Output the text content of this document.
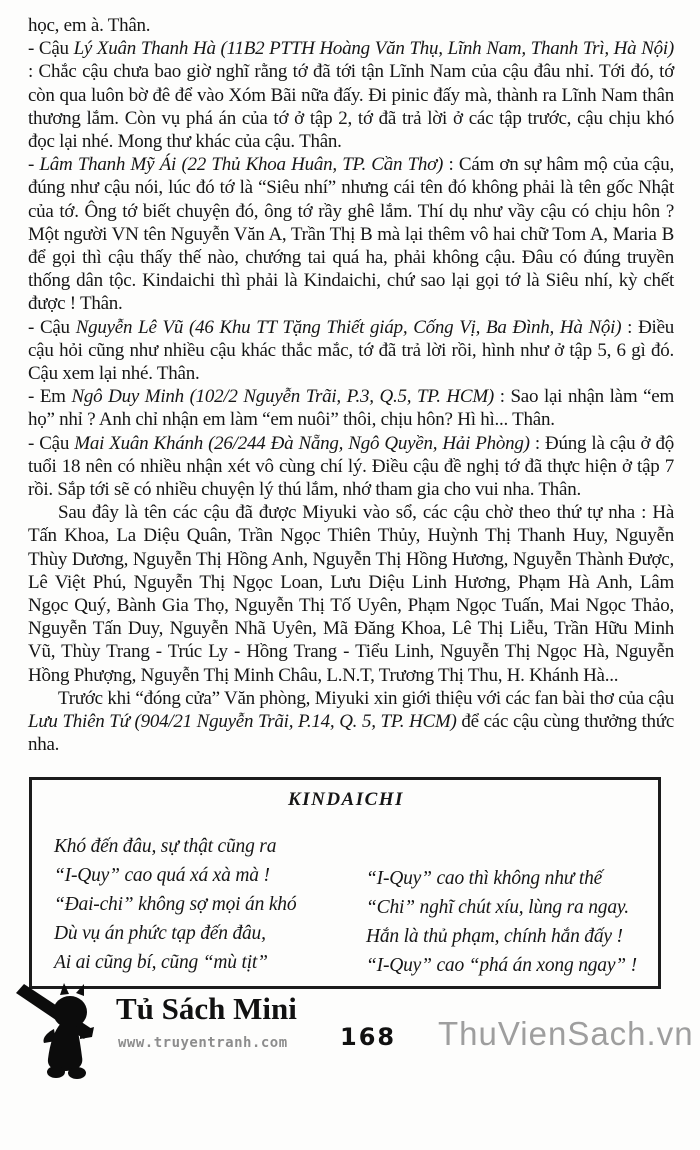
học, em à. Thân.

- Cậu Lý Xuân Thanh Hà (11B2 PTTH Hoàng Văn Thụ, Lĩnh Nam, Thanh Trì, Hà Nội) : Chắc cậu chưa bao giờ nghĩ rằng tớ đã tới tận Lĩnh Nam của cậu đâu nhỉ. Tới đó, tớ còn qua luôn bờ đê để vào Xóm Bãi nữa đấy. Đi pinic đấy mà, thành ra Lĩnh Nam thân thương lắm. Còn vụ phá án của tớ ở tập 2, tớ đã trả lời ở các tập trước, cậu chịu khó đọc lại nhé. Mong thư khác của cậu. Thân.

- Lâm Thanh Mỹ Ái (22 Thủ Khoa Huân, TP. Cần Thơ) : Cám ơn sự hâm mộ của cậu, đúng như cậu nói, lúc đó tớ là “Siêu nhí” nhưng cái tên đó không phải là tên gốc Nhật của tớ. Ông tớ biết chuyện đó, ông tớ rầy ghê lắm. Thí dụ như vầy cậu có chịu hôn ? Một người VN tên Nguyễn Văn A, Trần Thị B mà lại thêm vô hai chữ Tom A, Maria B để gọi thì cậu thấy thế nào, chướng tai quá ha, phải không cậu. Đâu có đúng truyền thống dân tộc. Kindaichi thì phải là Kindaichi, chứ sao lại gọi tớ là Siêu nhí, kỳ chết được ! Thân.

- Cậu Nguyễn Lê Vũ (46 Khu TT Tặng Thiết giáp, Cống Vị, Ba Đình, Hà Nội) : Điều cậu hỏi cũng như nhiều cậu khác thắc mắc, tớ đã trả lời rồi, hình như ở tập 5, 6 gì đó. Cậu xem lại nhé. Thân.

- Em Ngô Duy Minh (102/2 Nguyễn Trãi, P.3, Q.5, TP. HCM) : Sao lại nhận làm “em họ” nhỉ ? Anh chỉ nhận em làm “em nuôi” thôi, chịu hôn? Hì hì... Thân.

- Cậu Mai Xuân Khánh (26/244 Đà Nẵng, Ngô Quyền, Hải Phòng) : Đúng là cậu ở độ tuổi 18 nên có nhiều nhận xét vô cùng chí lý. Điều cậu đề nghị tớ đã thực hiện ở tập 7 rồi. Sắp tới sẽ có nhiều chuyện lý thú lắm, nhớ tham gia cho vui nha. Thân.

Sau đây là tên các cậu đã được Miyuki vào sổ, các cậu chờ theo thứ tự nha : Hà Tấn Khoa, La Diệu Quân, Trần Ngọc Thiên Thủy, Huỳnh Thị Thanh Huy, Nguyễn Thùy Dương, Nguyễn Thị Hồng Anh, Nguyễn Thị Hồng Hương, Nguyễn Thành Được, Lê Việt Phú, Nguyễn Thị Ngọc Loan, Lưu Diệu Linh Hương, Phạm Hà Anh, Lâm Ngọc Quý, Bành Gia Thọ, Nguyễn Thị Tố Uyên, Phạm Ngọc Tuấn, Mai Ngọc Thảo, Nguyễn Tấn Duy, Nguyễn Nhã Uyên, Mã Đăng Khoa, Lê Thị Liễu, Trần Hữu Minh Vũ, Thùy Trang - Trúc Ly - Hồng Trang - Tiểu Linh, Nguyễn Thị Ngọc Hà, Nguyễn Hồng Phượng, Nguyễn Thị Minh Châu, L.N.T, Trương Thị Thu, H. Khánh Hà...

Trước khi “đóng cửa” Văn phòng, Miyuki xin giới thiệu với các fan bài thơ của cậu Lưu Thiên Tứ (904/21 Nguyễn Trãi, P.14, Q. 5, TP. HCM) để các cậu cùng thưởng thức nha.

KINDAICHI
Khó đến đâu, sự thật cũng ra
“I-Quy” cao quá xá xà mà !
“Đai-chi” không sợ mọi án khó
Dù vụ án phức tạp đến đâu,
Ai ai cũng bí, cũng “mù tịt”
“I-Quy” cao thì không như thế
“Chi” nghĩ chút xíu, lùng ra ngay.
Hắn là thủ phạm, chính hắn đấy !
“I-Quy” cao “phá án xong ngay” !
Tủ Sách Mini
www.truyentranh.com 168 ThuVienSach.vn
